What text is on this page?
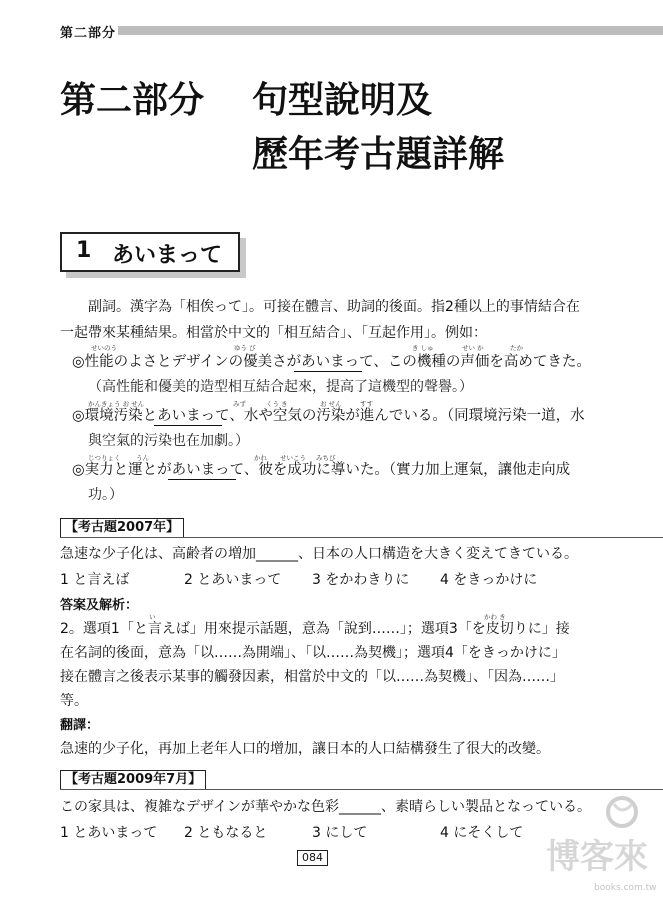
第二部分
第二部分 句型說明及
歷年考古題詳解
1 あいまって
副詞。漢字為「相俟って」。可接在體言、助詞的後面。指2種以上的事情結合在
一起帶來某種結果。相當於中文的「相互結合」、「互起作用」。例如：
せいのう	ゆう び	き しゅ	せい か	たか
◎性能のよさとデザインの優美さがあいまって、この機種の声価を高めてきた。
（高性能和優美的造型相互結合起來，提高了這機型的聲譽。）
かんきょう お せん	みず	くう き	お せん	すす
◎環境汚染とあいまって、水や空気の汚染が進んでいる。（同環境污染一道，水
與空氣的污染也在加劇。）
じつりょく うん	かれ せいこう みちび
◎実力と運とがあいまって、彼を成功に導いた。（實力加上運氣，讓他走向成
功。）
【考古題2007年】
急速な少子化は、高齢者の増加______、日本の人口構造を大きく変えてきている。
1 と言えば	2 とあいまって 3 をかわきりに 4 をきっかけに
答案及解析：
い	かわ き
2。選項1「と言えば」用來提示話題，意為「說到……」；選項3「を皮切りに」接
在名詞的後面，意為「以……為開端」、「以……為契機」；選項4「をきっかけに」
接在體言之後表示某事的觸發因素，相當於中文的「以……為契機」、「因為……」
等。
翻譯：
急速的少子化，再加上老年人口的增加，讓日本的人口結構發生了很大的改變。
【考古題2009年7月】
この家具は、複雑なデザインが華やかな色彩______、素晴らしい製品となっている。
1 とあいまって 2 ともなると	3 にして	4 にそくして
084	博客來
books.com.tw
